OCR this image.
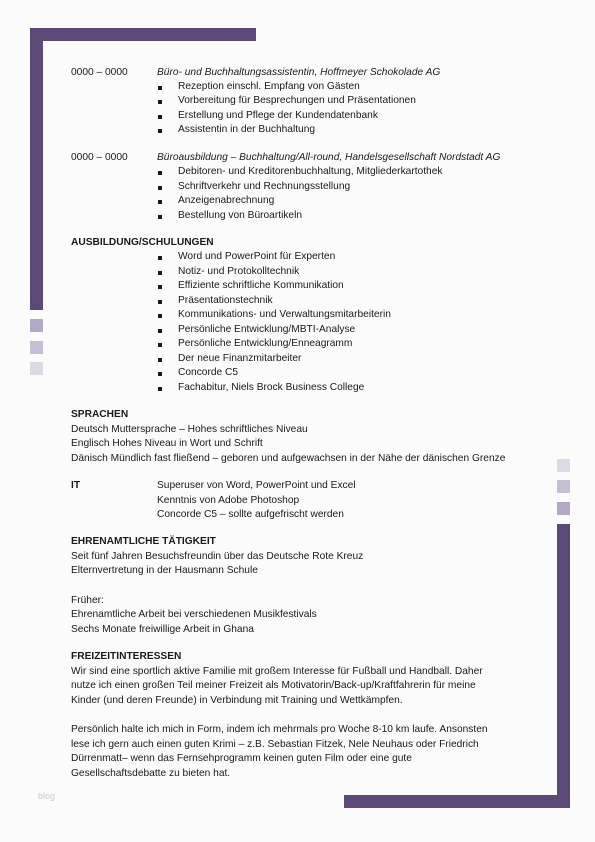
0000 – 0000	Büro- und Buchhaltungsassistentin, Hoffmeyer Schokolade AG
Rezeption einschl. Empfang von Gästen
Vorbereitung für Besprechungen und Präsentationen
Erstellung und Pflege der Kundendatenbank
Assistentin in der Buchhaltung
0000 – 0000	Büroausbildung – Buchhaltung/All-round, Handelsgesellschaft Nordstadt AG
Debitoren- und Kreditorenbuchhaltung, Mitgliederkartothek
Schriftverkehr und Rechnungsstellung
Anzeigenabrechnung
Bestellung von Büroartikeln
AUSBILDUNG/SCHULUNGEN
Word und PowerPoint für Experten
Notiz- und Protokolltechnik
Effiziente schriftliche Kommunikation
Präsentationstechnik
Kommunikations- und Verwaltungsmitarbeiterin
Persönliche Entwicklung/MBTI-Analyse
Persönliche Entwicklung/Enneagramm
Der neue Finanzmitarbeiter
Concorde C5
Fachabitur, Niels Brock Business College
SPRACHEN
Deutsch Muttersprache – Hohes schriftliches Niveau
Englisch Hohes Niveau in Wort und Schrift
Dänisch Mündlich fast fließend – geboren und aufgewachsen in der Nähe der dänischen Grenze
IT	Superuser von Word, PowerPoint und Excel
Kenntnis von Adobe Photoshop
Concorde C5 – sollte aufgefrischt werden
EHRENAMTLICHE TÄTIGKEIT
Seit fünf Jahren Besuchsfreundin über das Deutsche Rote Kreuz
Elternvertretung in der Hausmann Schule
Früher:
Ehrenamtliche Arbeit bei verschiedenen Musikfestivals
Sechs Monate freiwillige Arbeit in Ghana
FREIZEITINTERESSEN
Wir sind eine sportlich aktive Familie mit großem Interesse für Fußball und Handball. Daher
nutze ich einen großen Teil meiner Freizeit als Motivatorin/Back-up/Kraftfahrerin für meine
Kinder (und deren Freunde) in Verbindung mit Training und Wettkämpfen.
Persönlich halte ich mich in Form, indem ich mehrmals pro Woche 8-10 km laufe. Ansonsten
lese ich gern auch einen guten Krimi – z.B. Sebastian Fitzek, Nele Neuhaus oder Friedrich
Dürrenmatt– wenn das Fernsehprogramm keinen guten Film oder eine gute
Gesellschaftsdebatte zu bieten hat.
blog
